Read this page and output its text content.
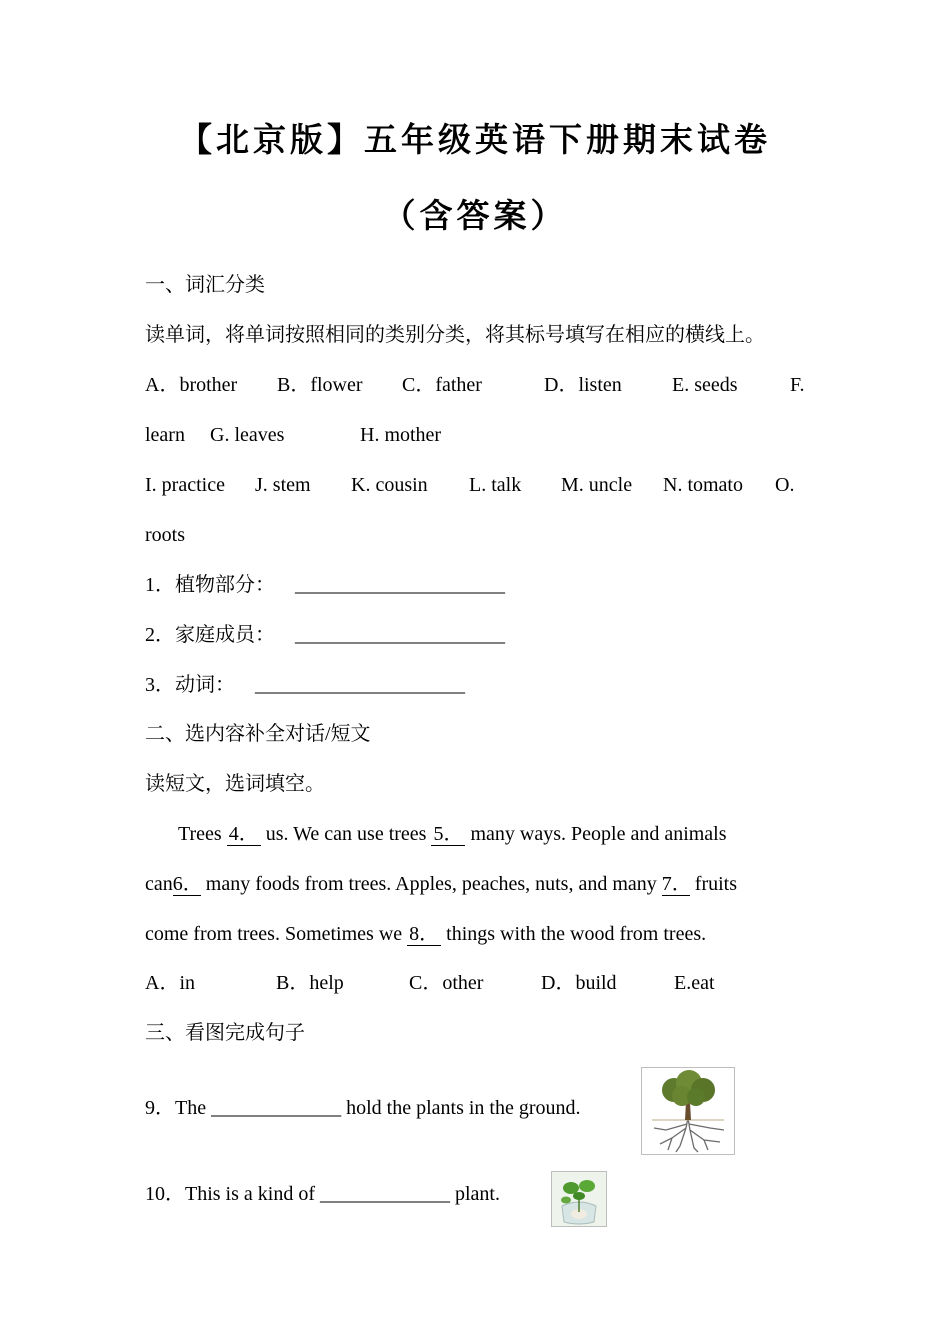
【北京版】五年级英语下册期末试卷
（含答案）
一、词汇分类
读单词，将单词按照相同的类别分类，将其标号填写在相应的横线上。
A．brother B．flower C．father	D．listen	E. seeds	F.
learn G. leaves	H. mother
I. practice J. stem K. cousin L. talk M. uncle N. tomato O.
roots
1．植物部分： _____________________
2．家庭成员： _____________________
3．动词： _____________________
二、选内容补全对话/短文
读短文，选词填空。
Trees 4． us. We can use trees 5． many ways. People and animals
can6． many foods from trees. Apples, peaches, nuts, and many 7． fruits
come from trees. Sometimes we 8． things with the wood from trees.
A．in	B．help	C．other	D．build	E.eat
三、看图完成句子
9．The _____________ hold the plants in the ground.
10．This is a kind of _____________ plant.
